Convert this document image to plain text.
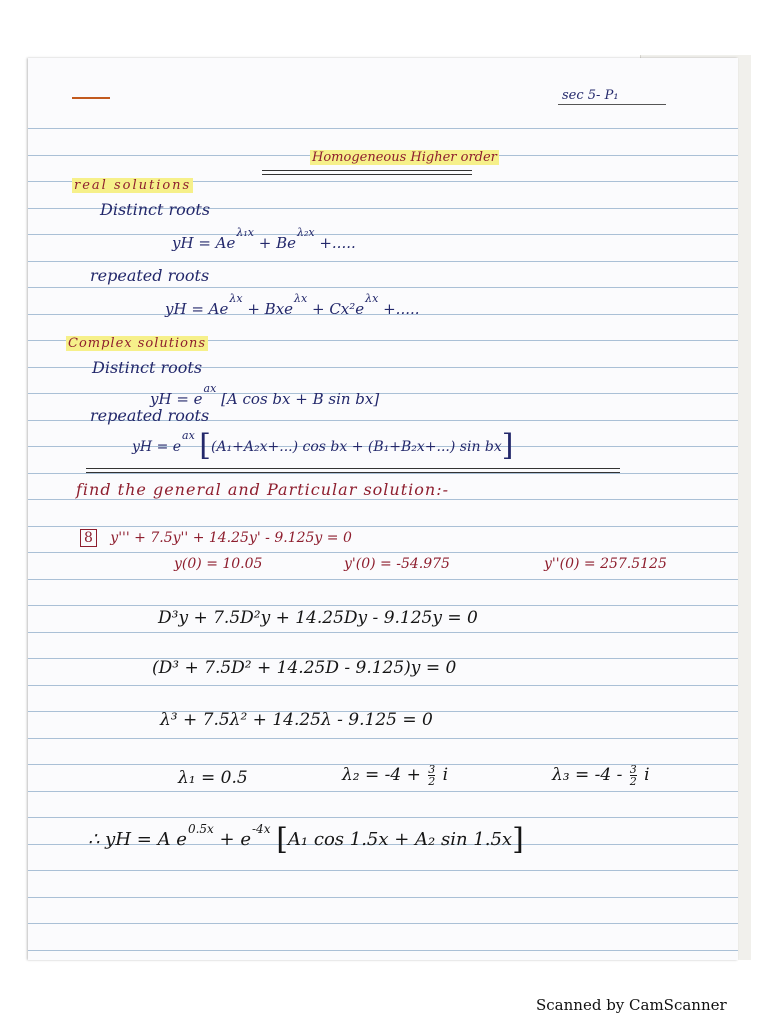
sec 5- P₁
Homogeneous Higher order
real solutions
Distinct roots
yH = $Ae^{\lambda_1x} + Be^{\lambda_2x}$ +.....
repeated roots
yH = $Ae^{\lambda x} + Bxe^{\lambda x} + Cx^2e^{\lambda x}$ +.....
Complex solutions
Distinct roots
yH = $e^{ax}$ [A cos bx + B sin bx]
repeated roots
yH = $e^{ax}$ [(A₁+A₂x+...) cos bx + (B₁+B₂x+...) sin bx]
find the general and Particular solution:-
8 y''' + 7.5y'' + 14.25y' - 9.125y = 0
y(0) = 10.05	y'(0) = -54.975	y''(0) = 257.5125
D³y + 7.5D²y + 14.25Dy - 9.125y = 0
(D³ + 7.5D² + 14.25D - 9.125)y = 0
λ³ + 7.5λ² + 14.25λ - 9.125 = 0
λ₁ = 0.5	$\lambda_2 = -4 + \frac{3}{2}$ i	$\lambda_3 = -4 - \frac{3}{2}$ i
∴ yH = A $e^{0.5x} + e^{-4x}$ [A₁ cos 1.5x + A₂ sin 1.5x]
Scanned by CamScanner
